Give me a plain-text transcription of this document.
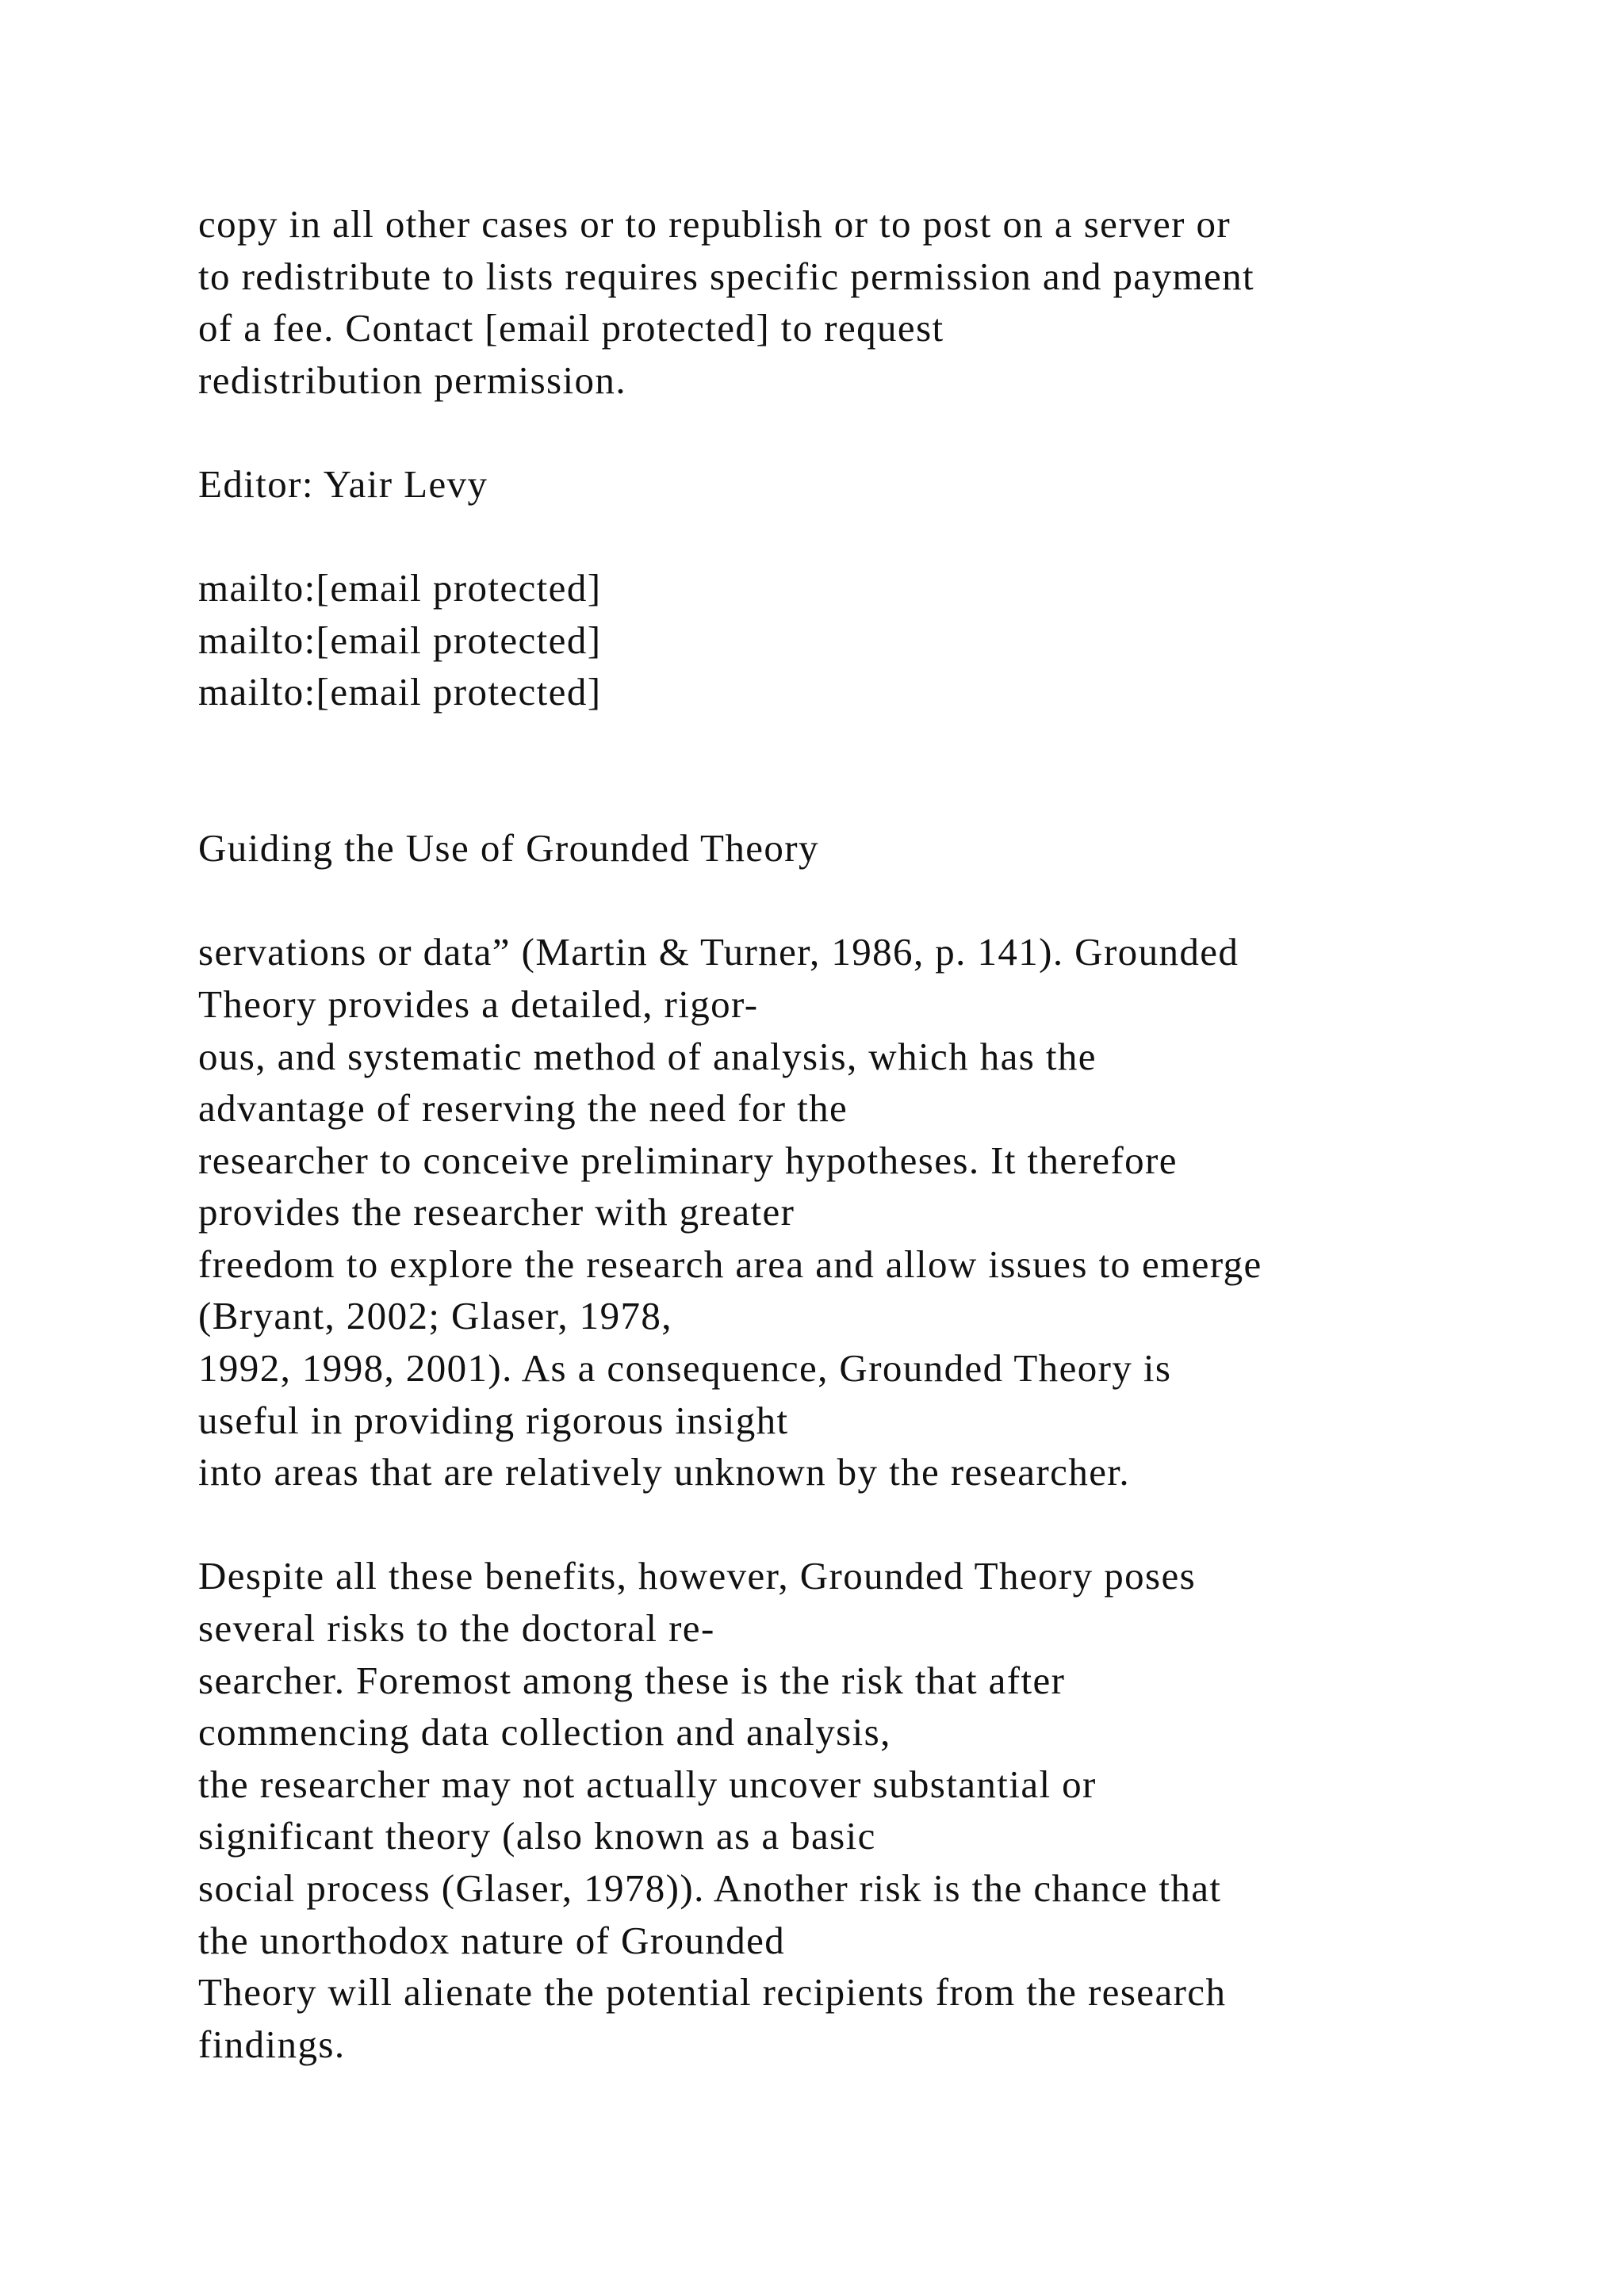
copy in all other cases or to republish or to post on a server or
to redistribute to lists requires specific permission and payment
of a fee. Contact [email protected] to request
redistribution permission.
Editor: Yair Levy
mailto:[email protected]
mailto:[email protected]
mailto:[email protected]
Guiding the Use of Grounded Theory
servations or data” (Martin & Turner, 1986, p. 141). Grounded
Theory provides a detailed, rigor-
ous, and systematic method of analysis, which has the
advantage of reserving the need for the
researcher to conceive preliminary hypotheses. It therefore
provides the researcher with greater
freedom to explore the research area and allow issues to emerge
(Bryant, 2002; Glaser, 1978,
1992, 1998, 2001). As a consequence, Grounded Theory is
useful in providing rigorous insight
into areas that are relatively unknown by the researcher.
Despite all these benefits, however, Grounded Theory poses
several risks to the doctoral re-
searcher. Foremost among these is the risk that after
commencing data collection and analysis,
the researcher may not actually uncover substantial or
significant theory (also known as a basic
social process (Glaser, 1978)). Another risk is the chance that
the unorthodox nature of Grounded
Theory will alienate the potential recipients from the research
findings.
